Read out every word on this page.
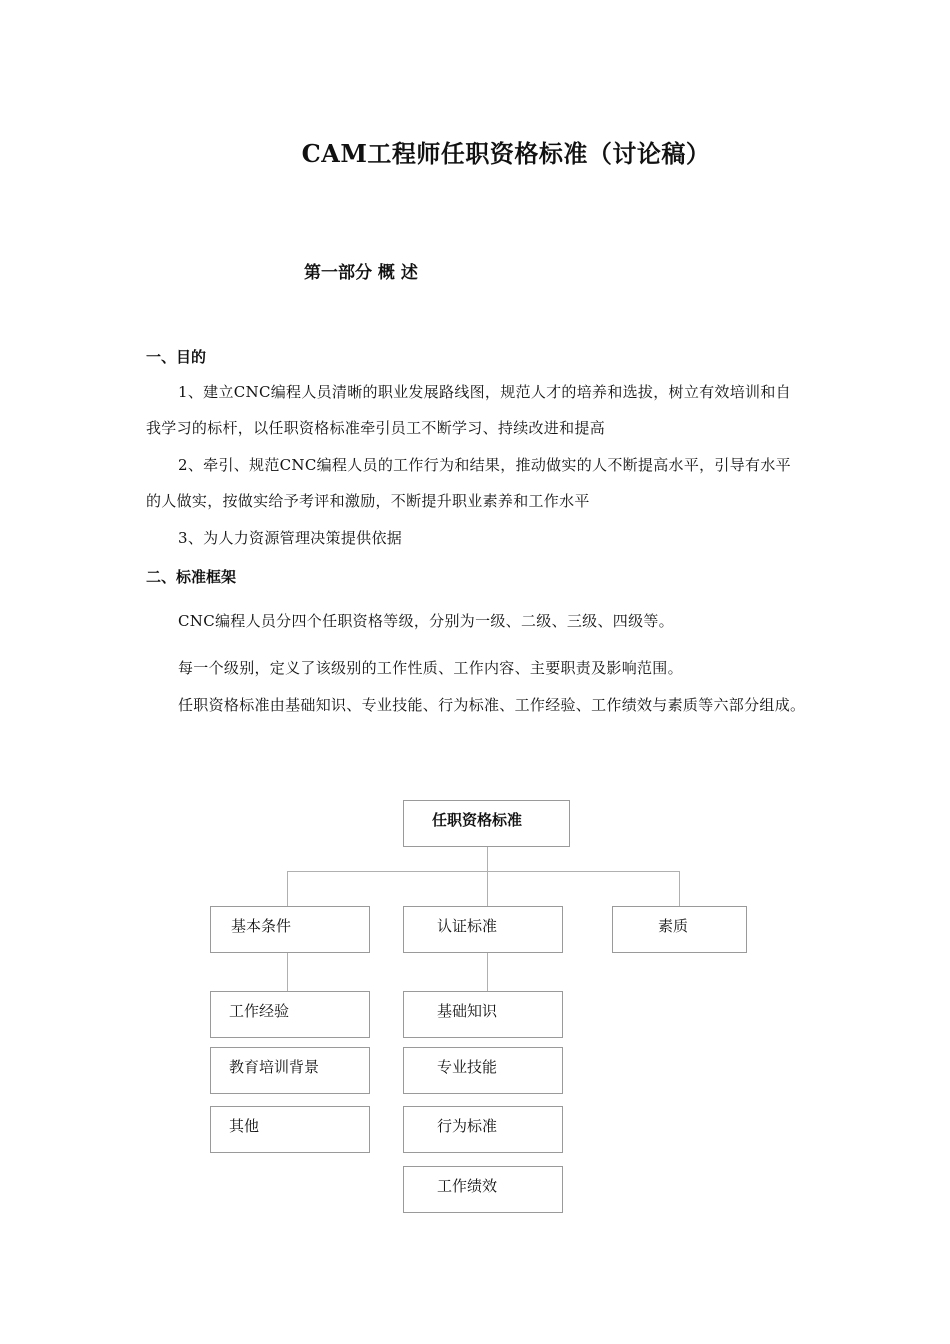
CAM工程师任职资格标准（讨论稿）
第一部分 概 述
一、目的
1、建立CNC编程人员清晰的职业发展路线图，规范人才的培养和选拔，树立有效培训和自我学习的标杆，以任职资格标准牵引员工不断学习、持续改进和提高
2、牵引、规范CNC编程人员的工作行为和结果，推动做实的人不断提高水平，引导有水平的人做实，按做实给予考评和激励，不断提升职业素养和工作水平
3、为人力资源管理决策提供依据
二、标准框架
CNC编程人员分四个任职资格等级，分别为一级、二级、三级、四级等。
每一个级别，定义了该级别的工作性质、工作内容、主要职责及影响范围。
任职资格标准由基础知识、专业技能、行为标准、工作经验、工作绩效与素质等六部分组成。
任职资格标准
基本条件	认证标准	素质
工作经验
教育培训背景
其他
基础知识
专业技能
行为标准
工作绩效
